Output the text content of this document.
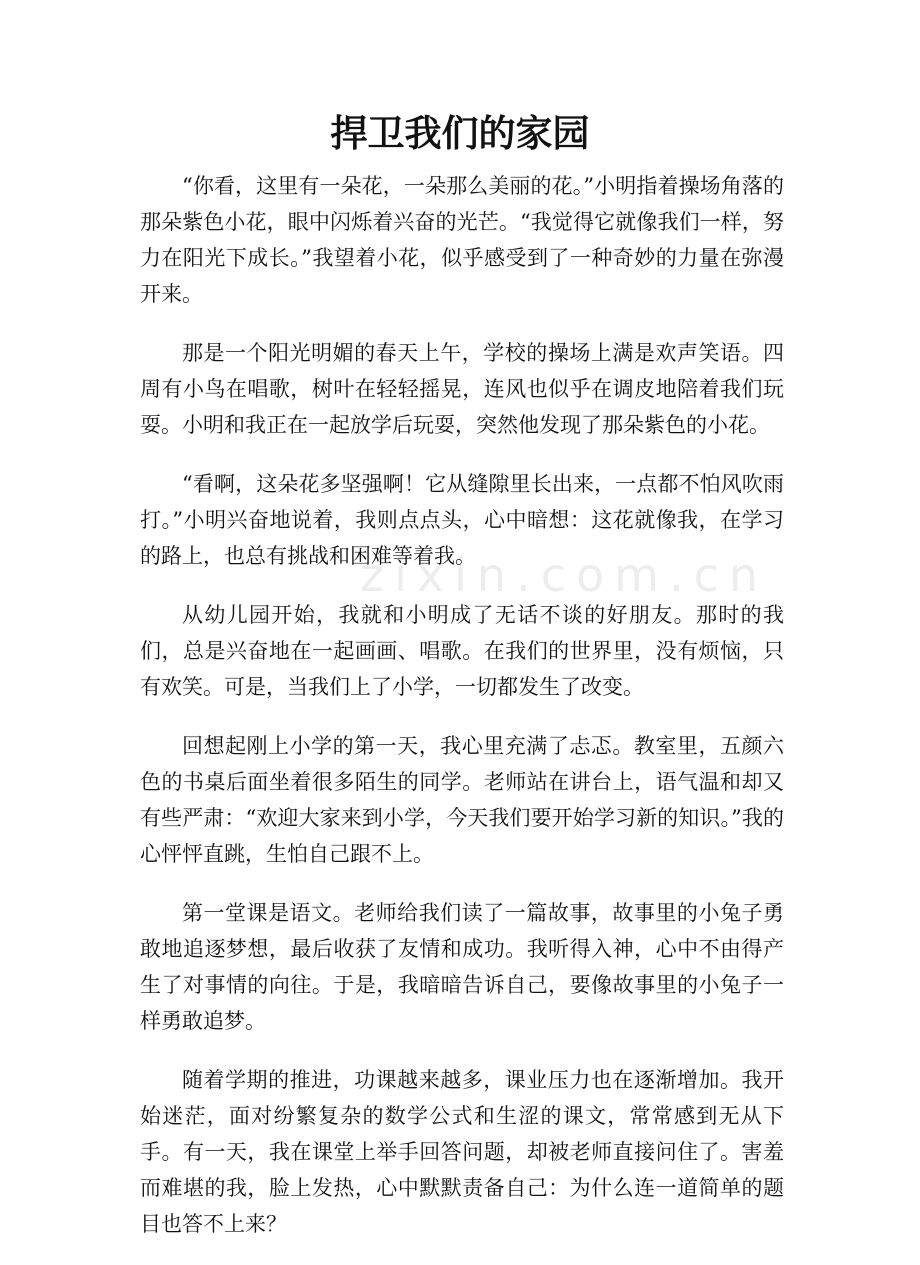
zixin.com.cn
捍卫我们的家园

“你看，这里有一朵花，一朵那么美丽的花。”小明指着操场角落的那朵紫色小花，眼中闪烁着兴奋的光芒。“我觉得它就像我们一样，努力在阳光下成长。”我望着小花，似乎感受到了一种奇妙的力量在弥漫开来。

那是一个阳光明媚的春天上午，学校的操场上满是欢声笑语。四周有小鸟在唱歌，树叶在轻轻摇晃，连风也似乎在调皮地陪着我们玩耍。小明和我正在一起放学后玩耍，突然他发现了那朵紫色的小花。

“看啊，这朵花多坚强啊！它从缝隙里长出来，一点都不怕风吹雨打。”小明兴奋地说着，我则点点头，心中暗想：这花就像我，在学习的路上，也总有挑战和困难等着我。

从幼儿园开始，我就和小明成了无话不谈的好朋友。那时的我们，总是兴奋地在一起画画、唱歌。在我们的世界里，没有烦恼，只有欢笑。可是，当我们上了小学，一切都发生了改变。

回想起刚上小学的第一天，我心里充满了忐忑。教室里，五颜六色的书桌后面坐着很多陌生的同学。老师站在讲台上，语气温和却又有些严肃：“欢迎大家来到小学，今天我们要开始学习新的知识。”我的心怦怦直跳，生怕自己跟不上。

第一堂课是语文。老师给我们读了一篇故事，故事里的小兔子勇敢地追逐梦想，最后收获了友情和成功。我听得入神，心中不由得产生了对事情的向往。于是，我暗暗告诉自己，要像故事里的小兔子一样勇敢追梦。

随着学期的推进，功课越来越多，课业压力也在逐渐增加。我开始迷茫，面对纷繁复杂的数学公式和生涩的课文，常常感到无从下手。有一天，我在课堂上举手回答问题，却被老师直接问住了。害羞而难堪的我，脸上发热，心中默默责备自己：为什么连一道简单的题目也答不上来？
